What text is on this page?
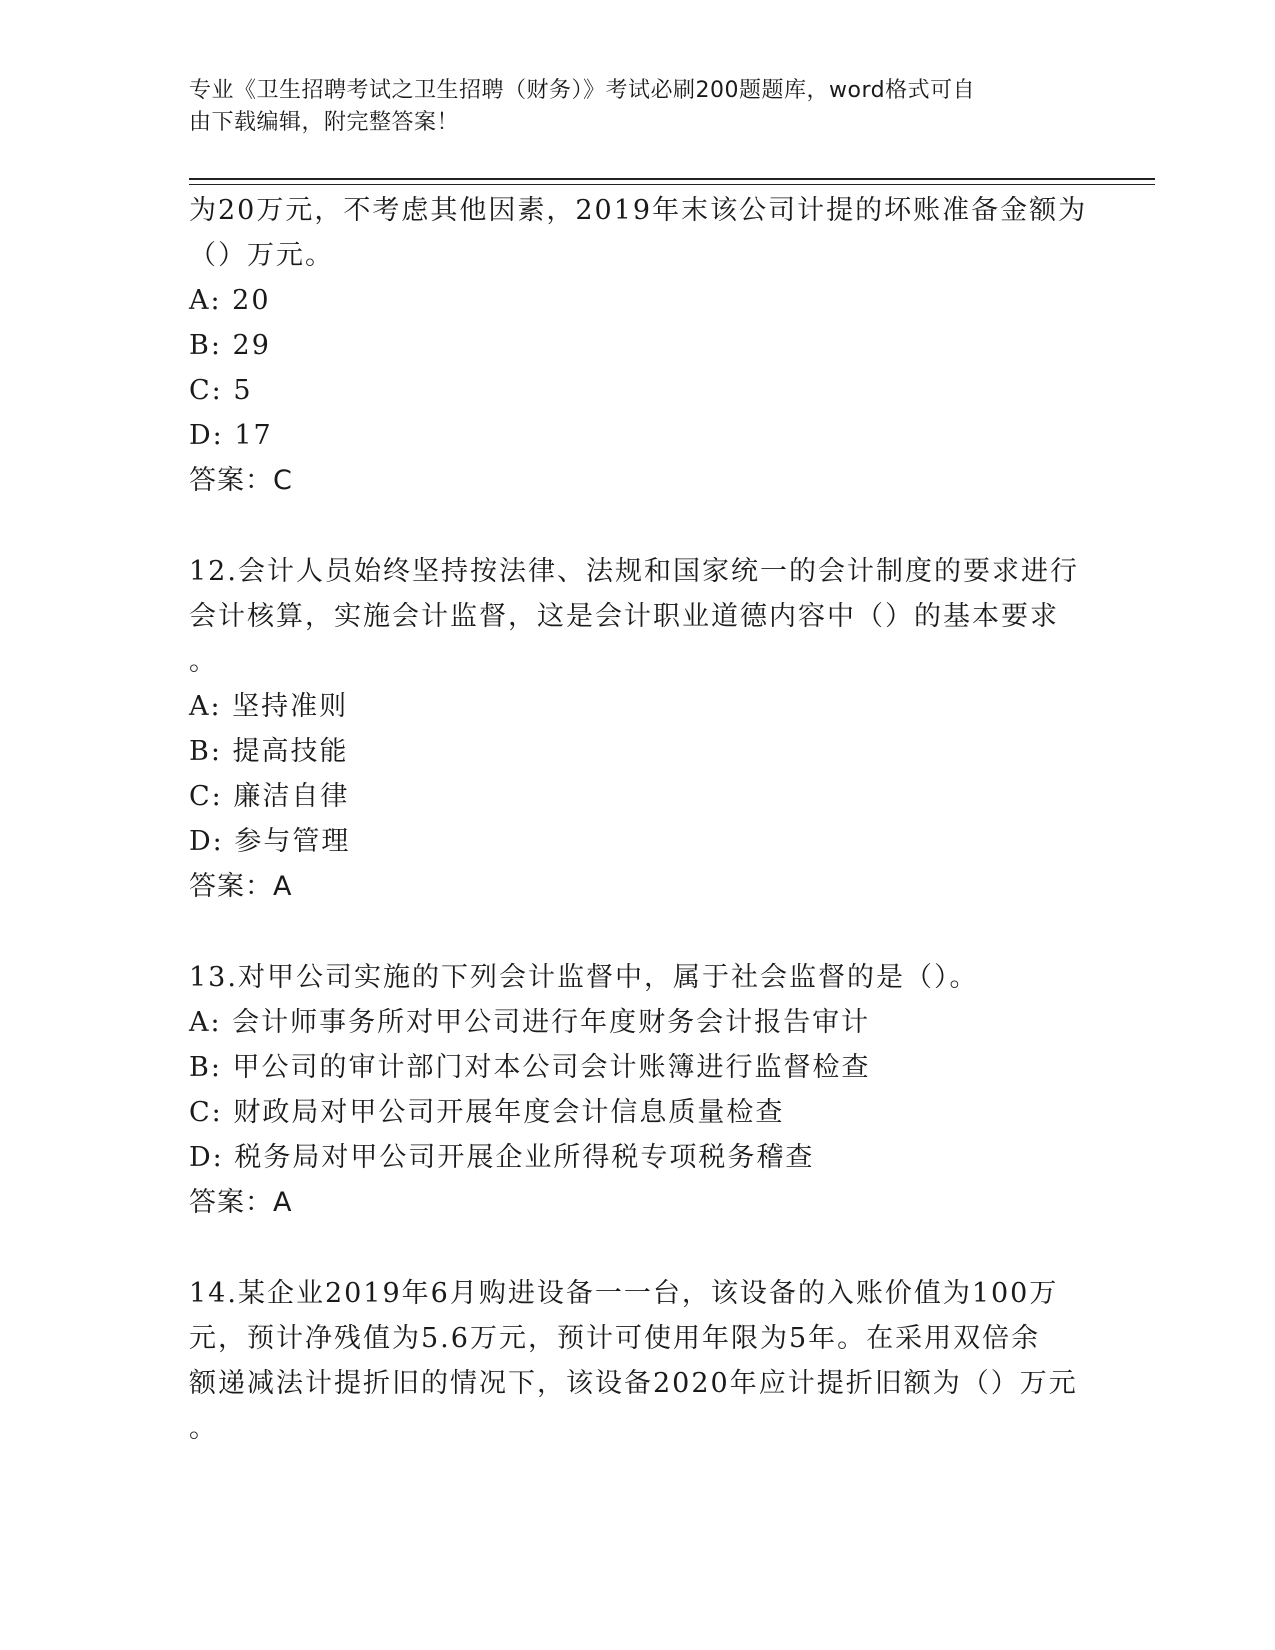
专业《卫生招聘考试之卫生招聘（财务）》考试必刷200题题库，word格式可自
由下载编辑，附完整答案！
为20万元，不考虑其他因素，2019年末该公司计提的坏账准备金额为
（）万元。
A: 20
B: 29
C: 5
D: 17
答案：C
12.会计人员始终坚持按法律、法规和国家统一的会计制度的要求进行
会计核算，实施会计监督，这是会计职业道德内容中（）的基本要求
。
A: 坚持准则
B: 提高技能
C: 廉洁自律
D: 参与管理
答案：A
13.对甲公司实施的下列会计监督中，属于社会监督的是（）。
A: 会计师事务所对甲公司进行年度财务会计报告审计
B: 甲公司的审计部门对本公司会计账簿进行监督检查
C: 财政局对甲公司开展年度会计信息质量检查
D: 税务局对甲公司开展企业所得税专项税务稽查
答案：A
14.某企业2019年6月购进设备一一台，该设备的入账价值为100万
元，预计净残值为5.6万元，预计可使用年限为5年。在采用双倍余
额递减法计提折旧的情况下，该设备2020年应计提折旧额为（）万元
。
